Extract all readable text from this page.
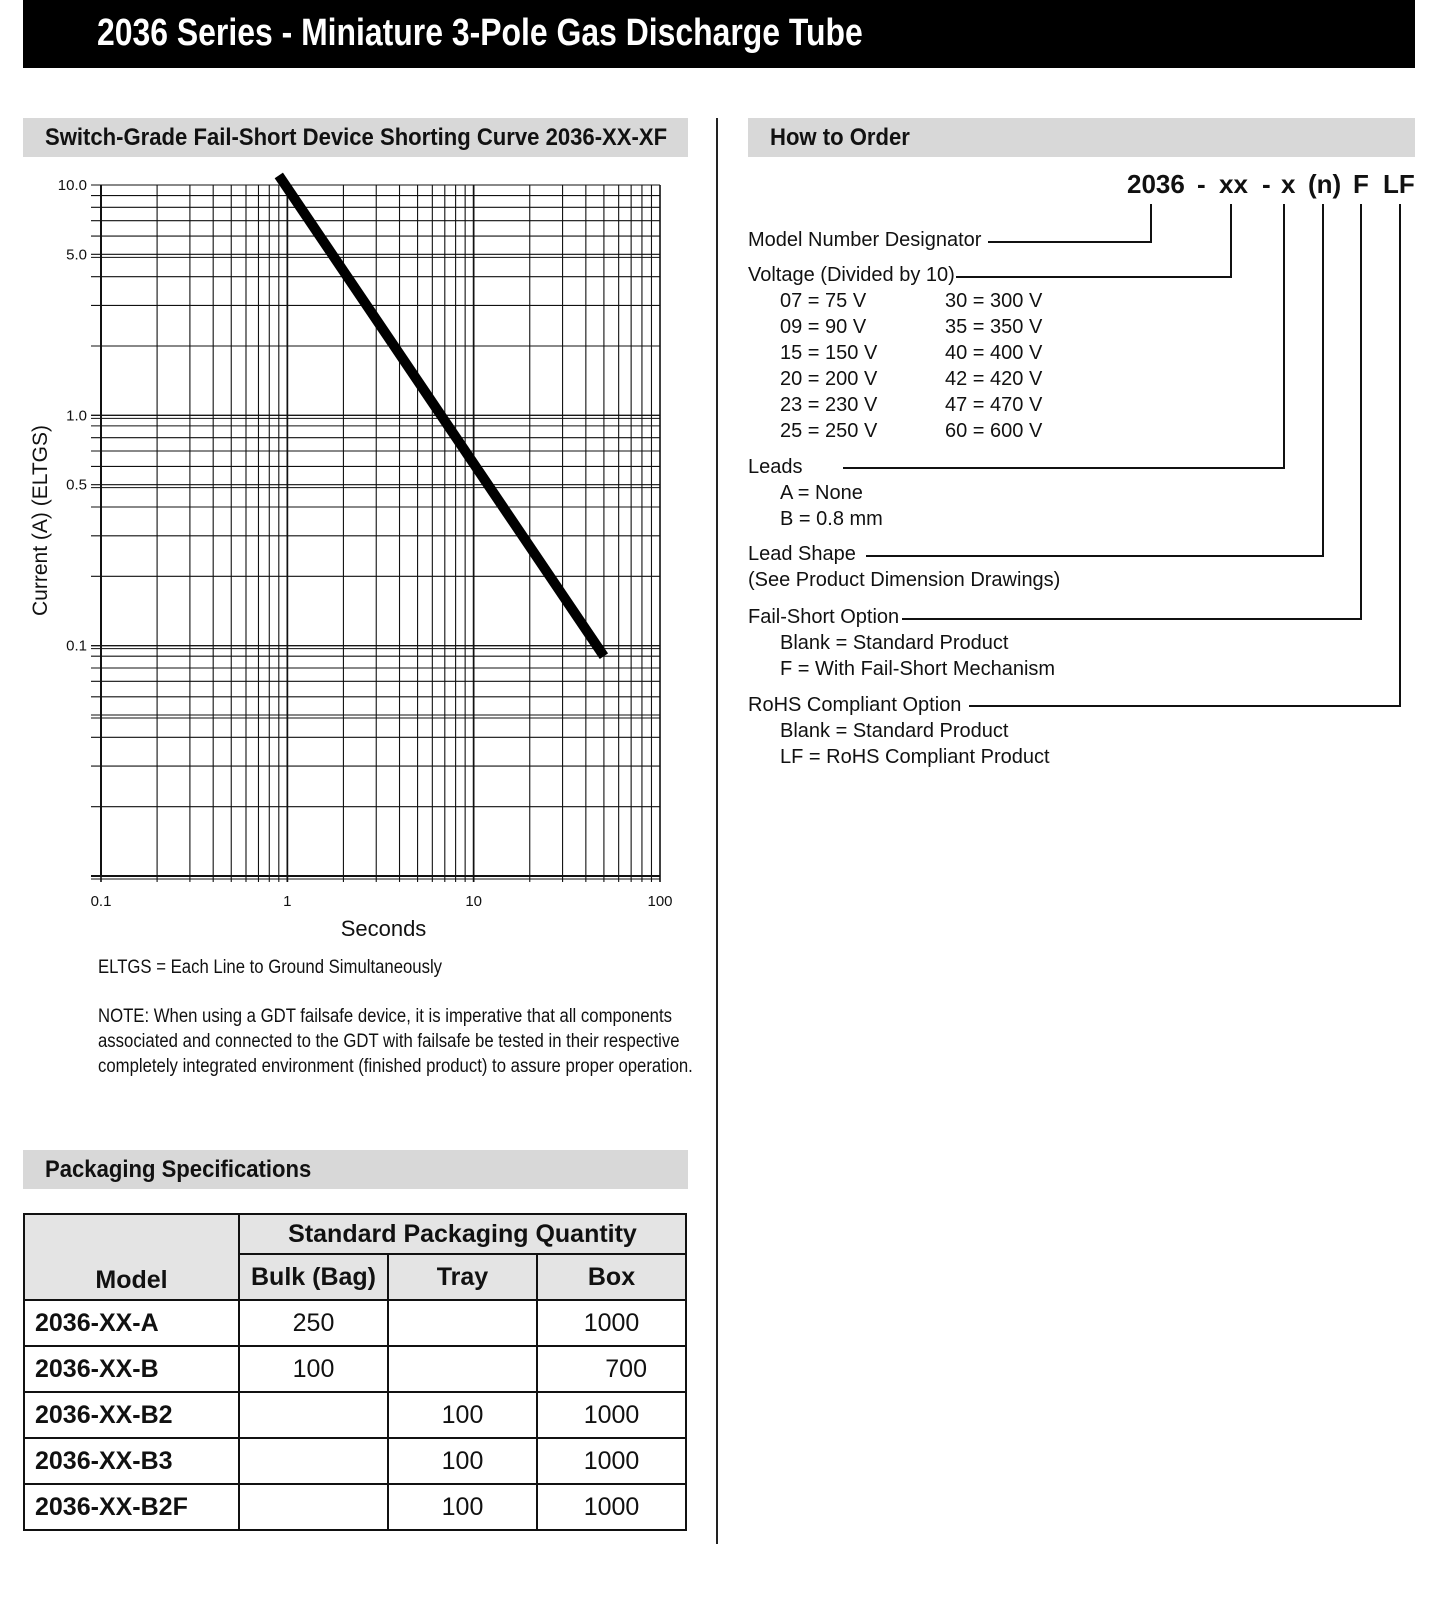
2036 Series - Miniature 3-Pole Gas Discharge Tube
Switch-Grade Fail-Short Device Shorting Curve 2036-XX-XF	How to Order
0.1	1	10	100
10.0
5.0
1.0
0.5
0.1
Seconds
Current (A) (ELTGS)
ELTGS = Each Line to Ground Simultaneously
NOTE: When using a GDT failsafe device, it is imperative that all components
associated and connected to the GDT with failsafe be tested in their respective
completely integrated environment (finished product) to assure proper operation.
2036 - xx - x (n) F LF
Model Number Designator
Voltage (Divided by 10)
07 = 75 V
09 = 90 V
15 = 150 V
20 = 200 V
23 = 230 V
25 = 250 V
30 = 300 V
35 = 350 V
40 = 400 V
42 = 420 V
47 = 470 V
60 = 600 V
Leads
A = None
B = 0.8 mm
Lead Shape
(See Product Dimension Drawings)
Fail-Short Option
Blank = Standard Product
F = With Fail-Short Mechanism
RoHS Compliant Option
Blank = Standard Product
LF = RoHS Compliant Product
Packaging Specifications
Model	Standard Packaging Quantity		
	Bulk (Bag)	Tray	Box
2036-XX-A	250		1000
2036-XX-B	100		700
2036-XX-B2		100	1000
2036-XX-B3		100	1000
2036-XX-B2F		100	1000
